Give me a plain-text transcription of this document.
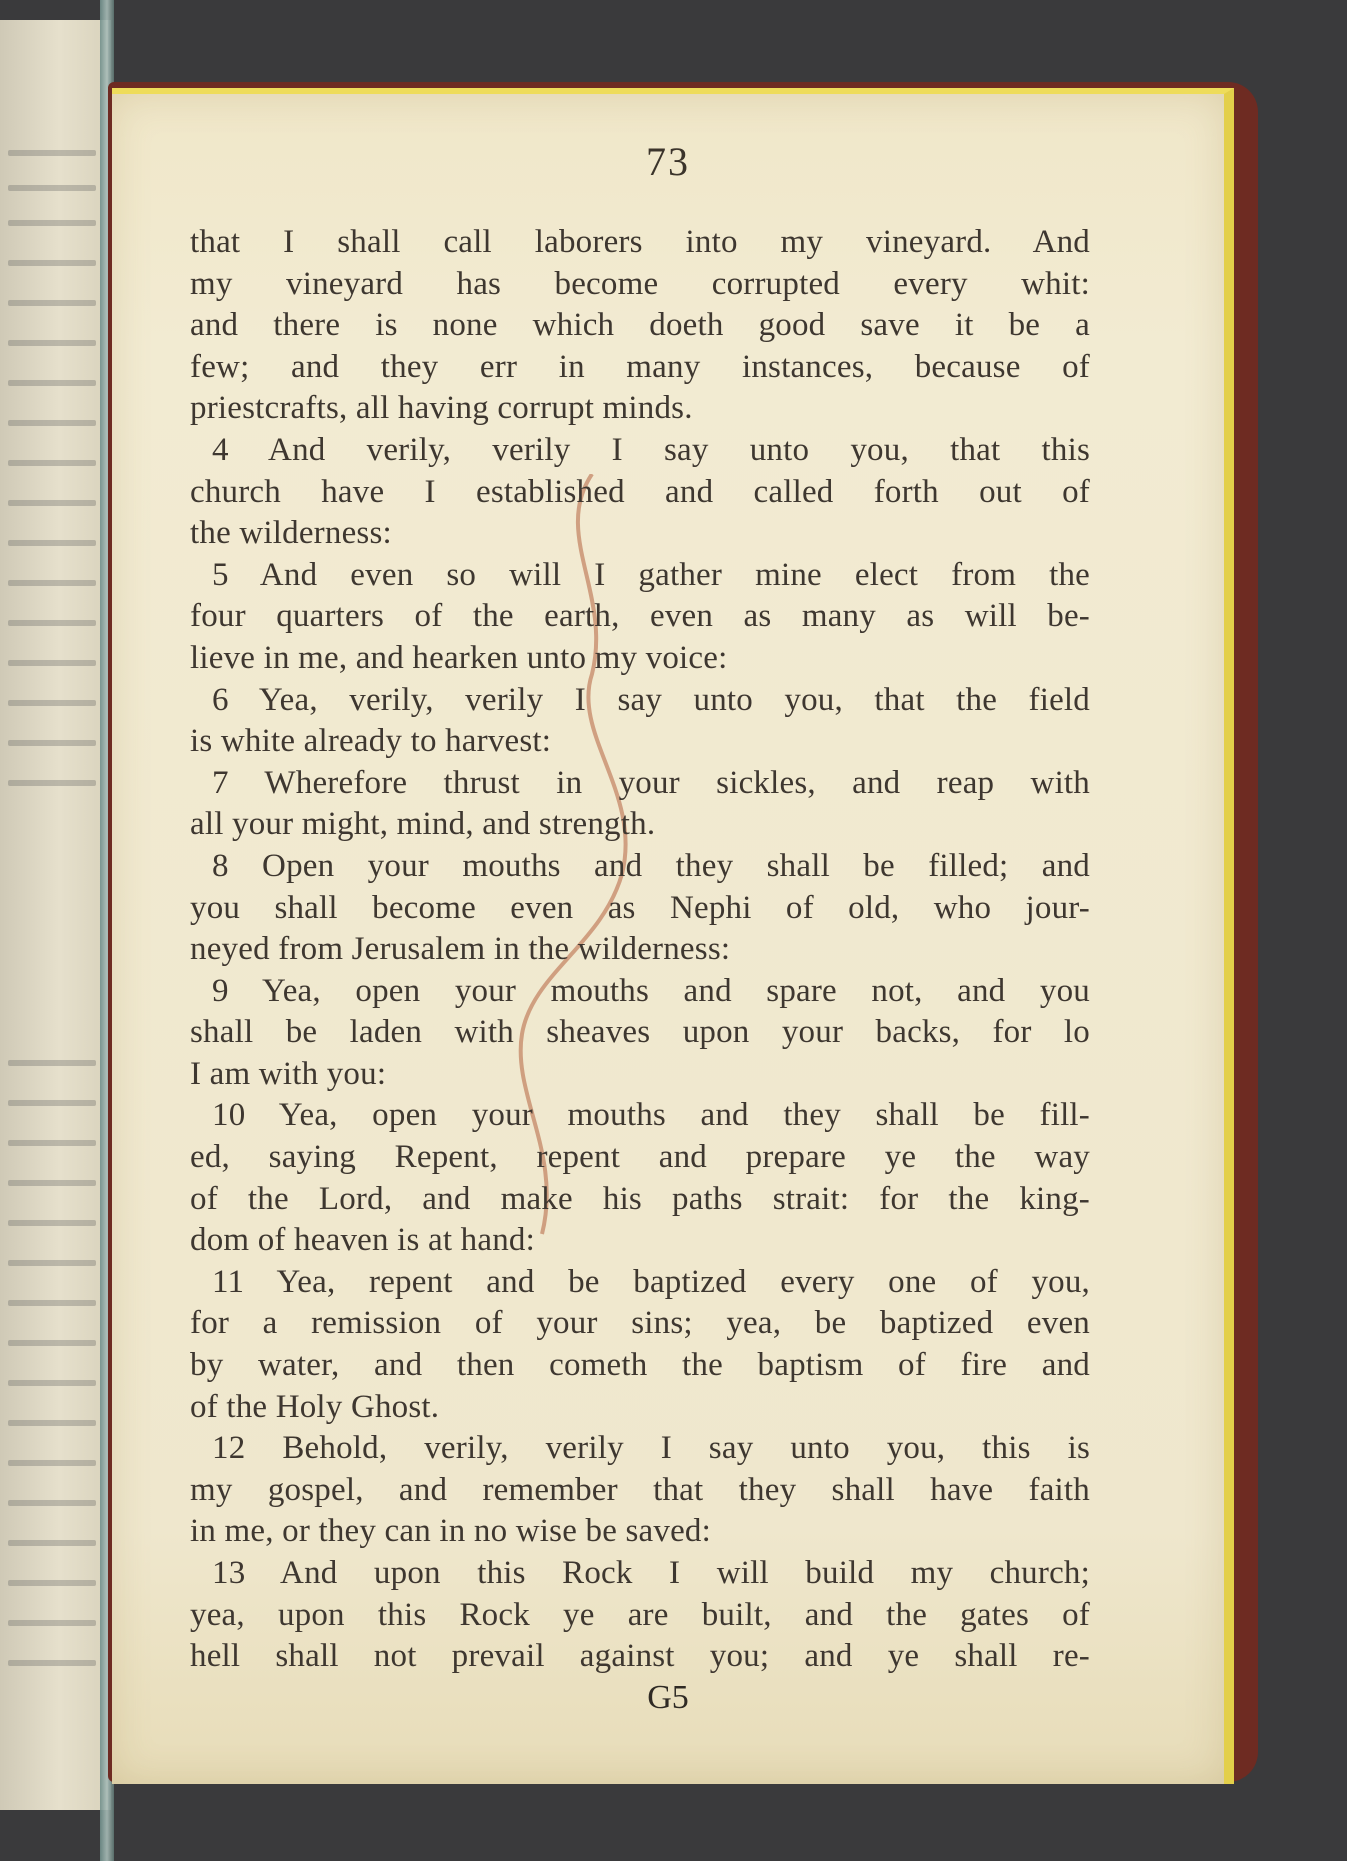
73
that I shall call laborers into my vineyard. And
my vineyard has become corrupted every whit:
and there is none which doeth good save it be a
few; and they err in many instances, because of
priestcrafts, all having corrupt minds.
4 And verily, verily I say unto you, that this
church have I established and called forth out of
the wilderness:
5 And even so will I gather mine elect from the
four quarters of the earth, even as many as will be-
lieve in me, and hearken unto my voice:
6 Yea, verily, verily I say unto you, that the field
is white already to harvest:
7 Wherefore thrust in your sickles, and reap with
all your might, mind, and strength.
8 Open your mouths and they shall be filled; and
you shall become even as Nephi of old, who jour-
neyed from Jerusalem in the wilderness:
9 Yea, open your mouths and spare not, and you
shall be laden with sheaves upon your backs, for lo
I am with you:
10 Yea, open your mouths and they shall be fill-
ed, saying Repent, repent and prepare ye the way
of the Lord, and make his paths strait: for the king-
dom of heaven is at hand:
11 Yea, repent and be baptized every one of you,
for a remission of your sins; yea, be baptized even
by water, and then cometh the baptism of fire and
of the Holy Ghost.
12 Behold, verily, verily I say unto you, this is
my gospel, and remember that they shall have faith
in me, or they can in no wise be saved:
13 And upon this Rock I will build my church;
yea, upon this Rock ye are built, and the gates of
hell shall not prevail against you; and ye shall re-
G5
